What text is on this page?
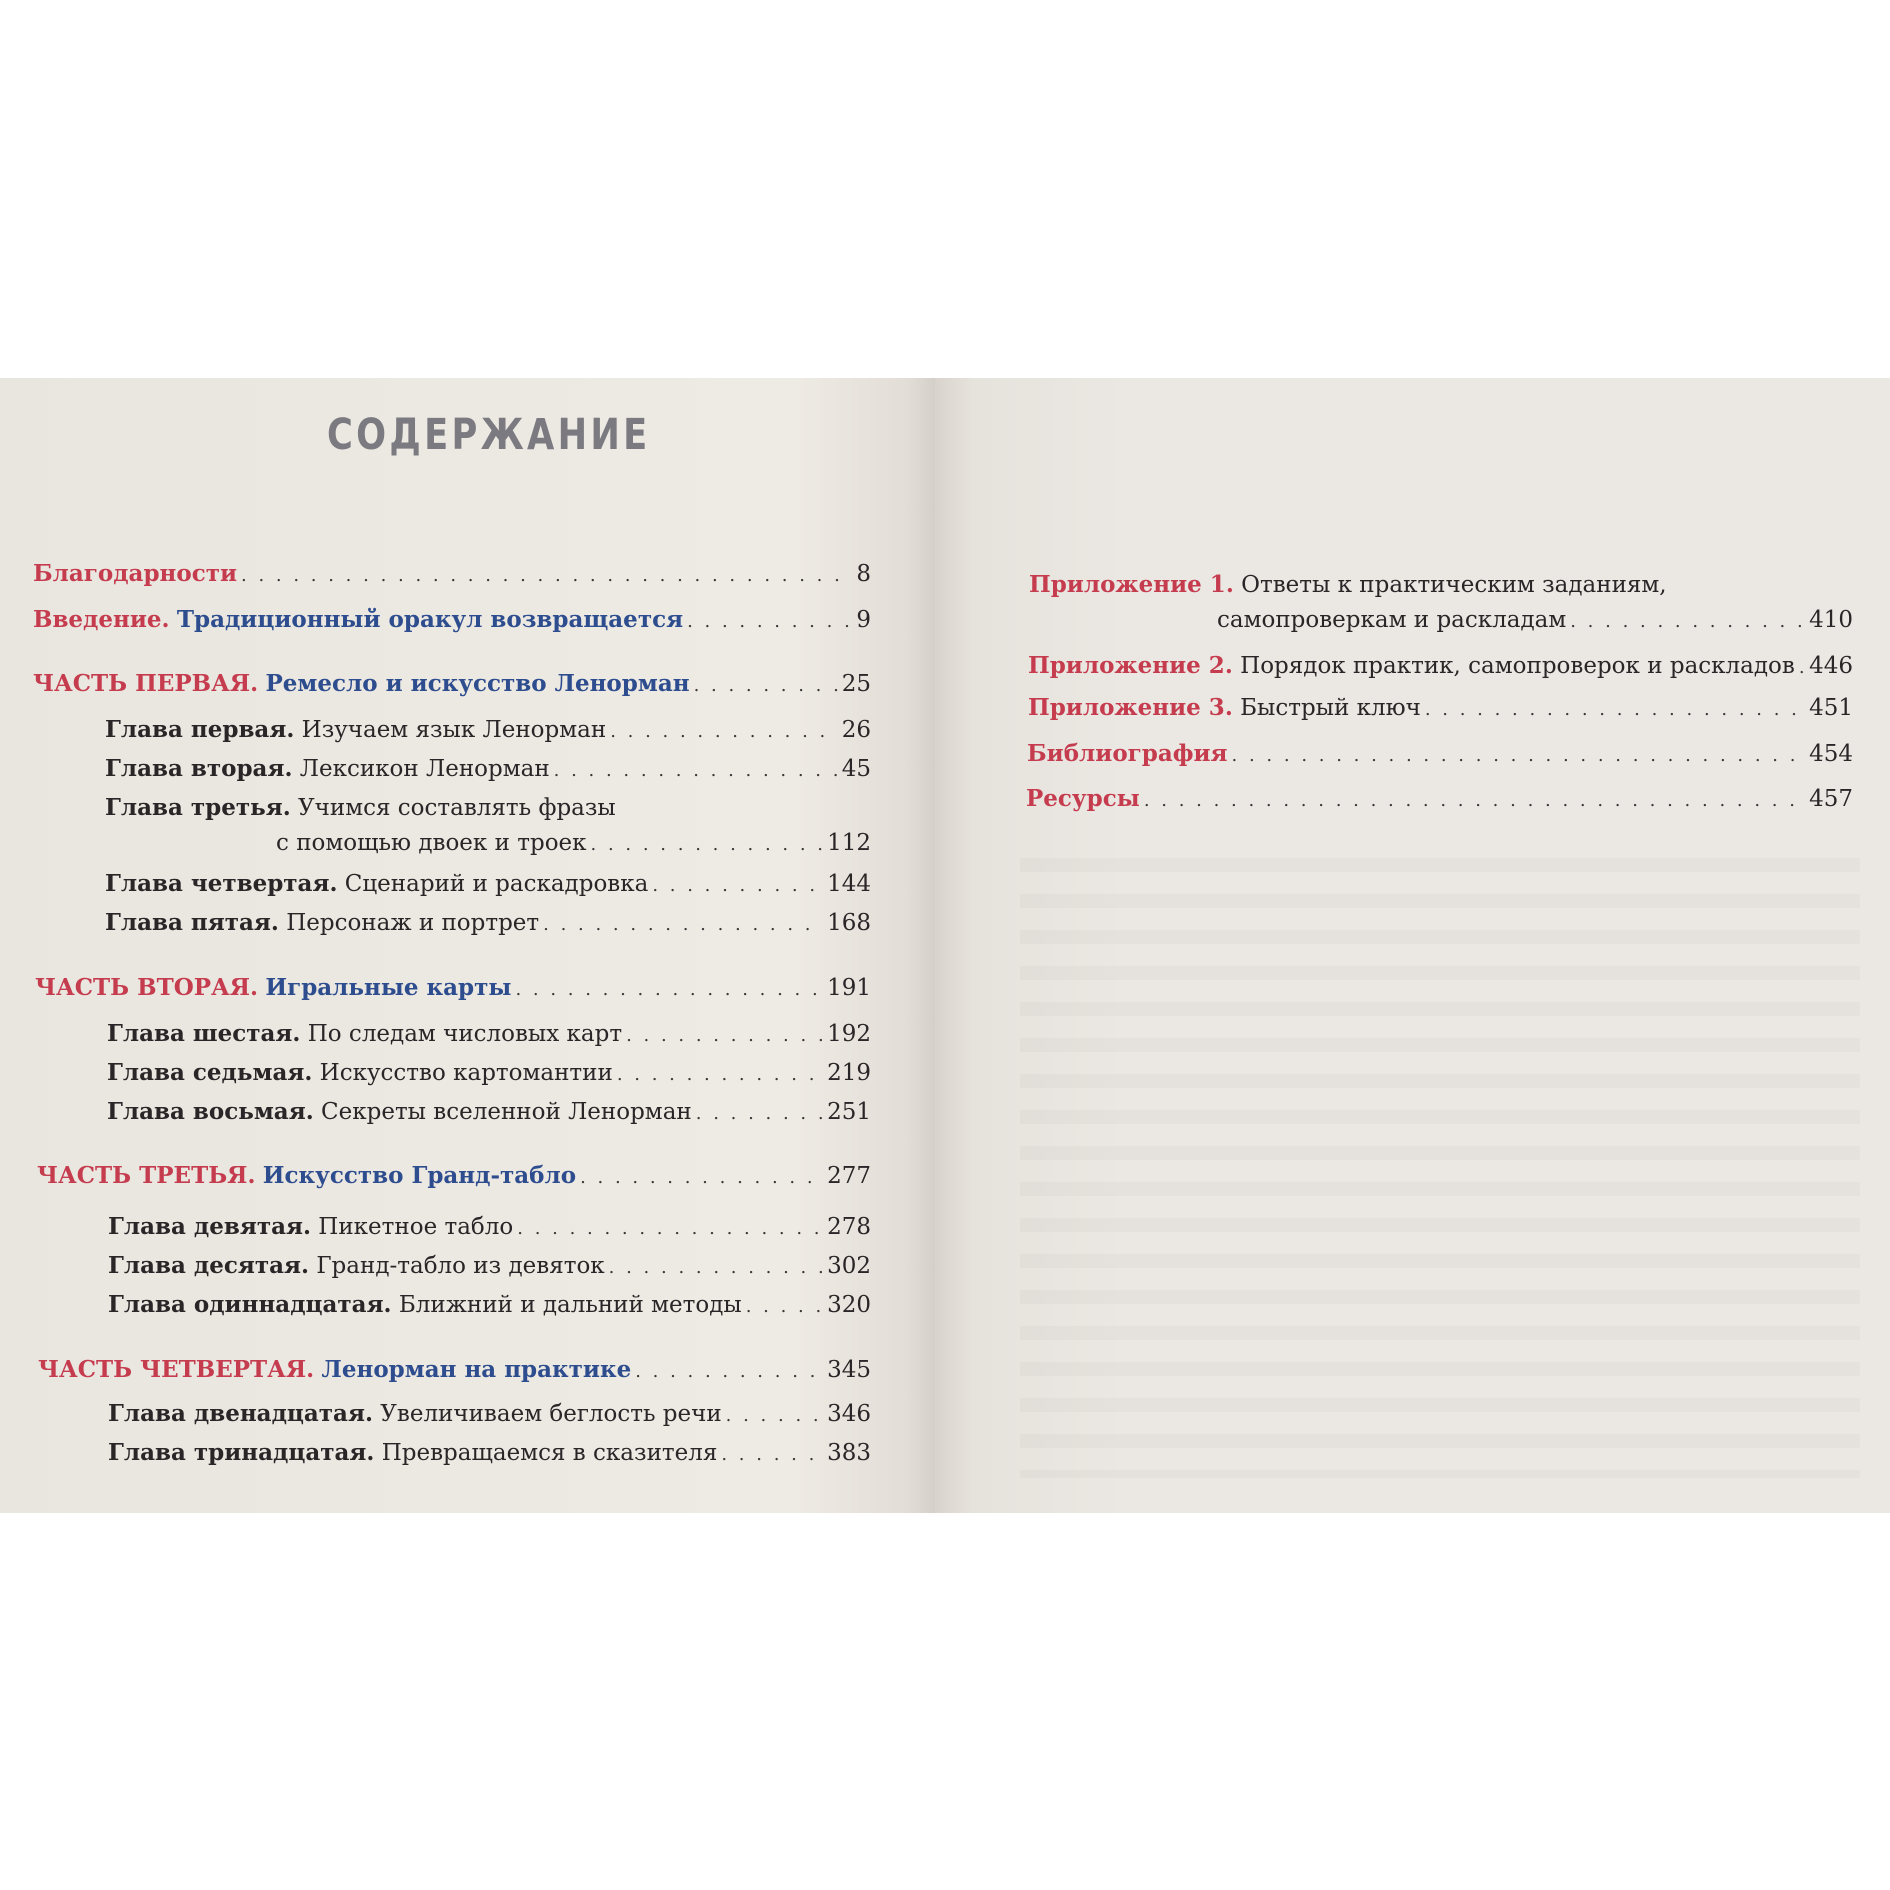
СОДЕРЖАНИЕ
Благодарности . . .	8
Введение. Традиционный оракул возвращается . . .	9
ЧАСТЬ ПЕРВАЯ. Ремесло и искусство Ленорман . . .	25
Глава первая. Изучаем язык Ленорман . . .	26
Глава вторая. Лексикон Ленорман . . .	45
Глава третья. Учимся составлять фразы
с помощью двоек и троек . . .	112
Глава четвертая. Сценарий и раскадровка . . .	144
Глава пятая. Персонаж и портрет . . .	168
ЧАСТЬ ВТОРАЯ. Игральные карты . . .	191
Глава шестая. По следам числовых карт . . .	192
Глава седьмая. Искусство картомантии . . .	219
Глава восьмая. Секреты вселенной Ленорман . . .	251
ЧАСТЬ ТРЕТЬЯ. Искусство Гранд-табло . . .	277
Глава девятая. Пикетное табло . . .	278
Глава десятая. Гранд-табло из девяток . . .	302
Глава одиннадцатая. Ближний и дальний методы . . .	320
ЧАСТЬ ЧЕТВЕРТАЯ. Ленорман на практике . . .	345
Глава двенадцатая. Увеличиваем беглость речи . . .	346
Глава тринадцатая. Превращаемся в сказителя . . .	383
Приложение 1. Ответы к практическим заданиям,
самопроверкам и раскладам . . .	410
Приложение 2. Порядок практик, самопроверок и раскладов . . . 446
Приложение 3. Быстрый ключ . . .	451
Библиография . . .	454
Ресурсы . . .	457
